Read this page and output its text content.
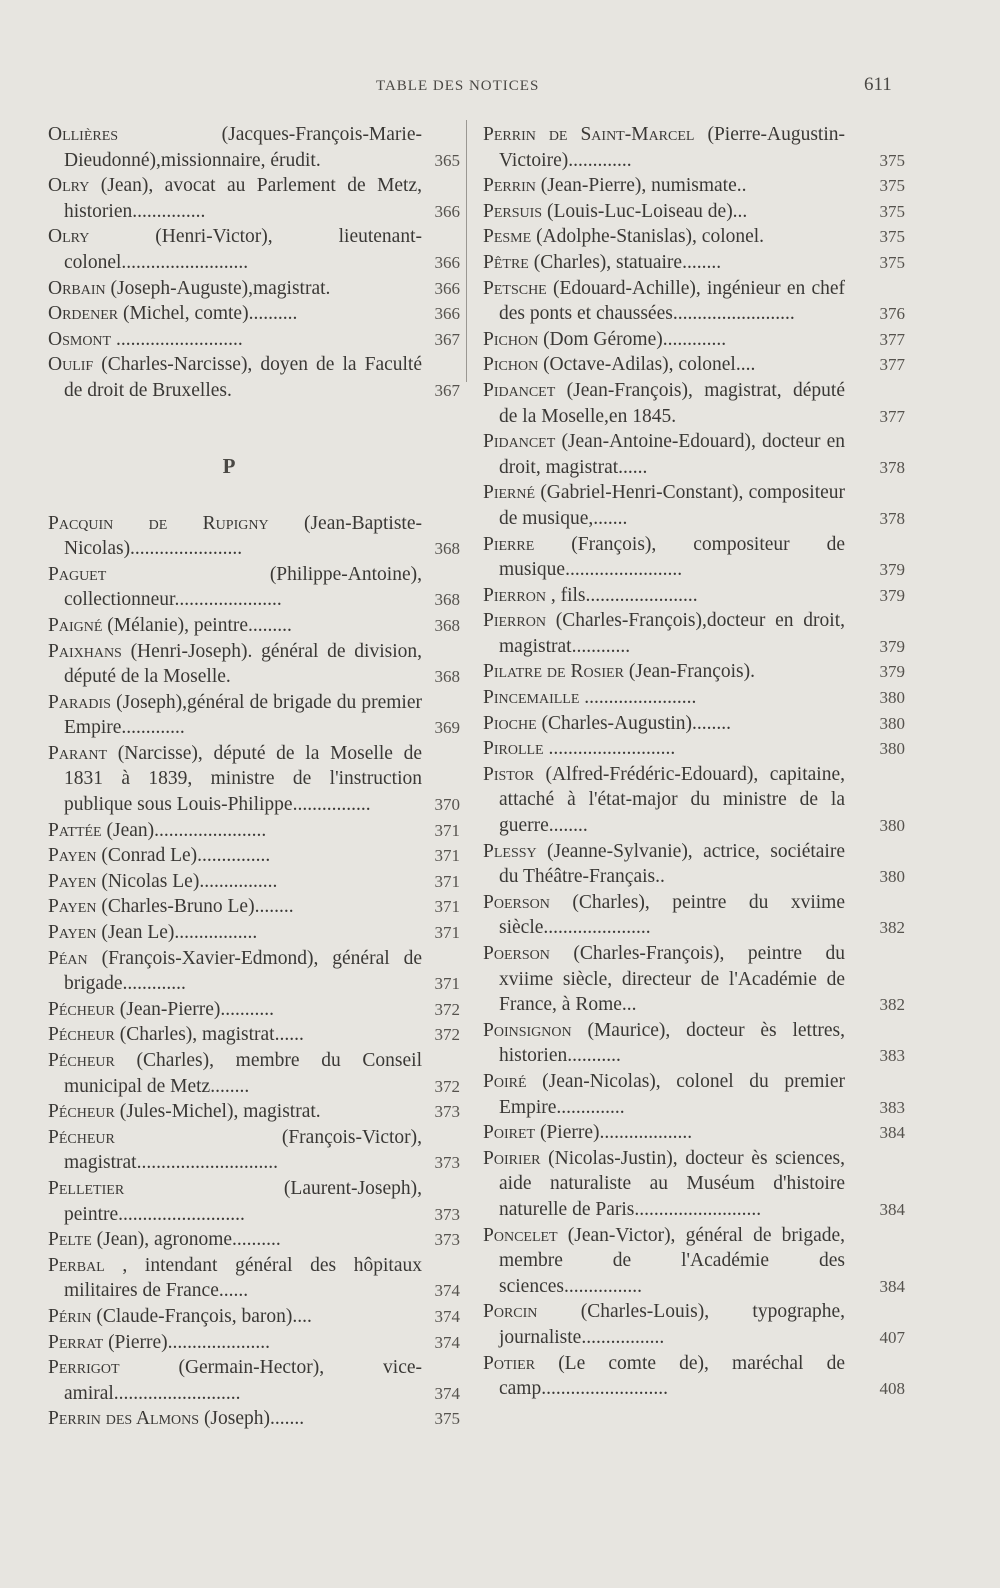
TABLE DES NOTICES	611
Ollières	(Jacques-François-Marie-Dieudonné),missionnaire, érudit.	365
Olry (Jean), avocat au Parlement de Metz, historien...............	366
Olry	(Henri-Victor), lieutenant-colonel..........................	366
Orbain (Joseph-Auguste),magistrat.	366
Ordener (Michel, comte)..........	366
Osmont ..........................	367
Oulif (Charles-Narcisse), doyen de la Faculté de droit de Bruxelles.	367
P
Pacquin de Rupigny (Jean-Baptiste-Nicolas).......................	368
Paguet	(Philippe-Antoine), collectionneur......................	368
Paigné (Mélanie), peintre.........	368
Paixhans (Henri-Joseph). général de division, député de la Moselle.	368
Paradis (Joseph),général de brigade du premier Empire.............	369
Parant (Narcisse), député de la Moselle de 1831 à 1839, ministre de l'instruction publique sous Louis-Philippe................	370
Pattée (Jean).......................	371
Payen (Conrad Le)...............	371
Payen (Nicolas Le)................	371
Payen (Charles-Bruno Le)........	371
Payen (Jean Le).................	371
Péan (François-Xavier-Edmond), général de brigade.............	371
Pécheur (Jean-Pierre)...........	372
Pécheur (Charles), magistrat......	372
Pécheur (Charles), membre du Conseil municipal de Metz........	372
Pécheur (Jules-Michel), magistrat.	373
Pécheur	(François-Victor), magistrat.............................	373
Pelletier	(Laurent-Joseph), peintre..........................	373
Pelte (Jean), agronome..........	373
Perbal , intendant général des hôpitaux militaires de France......	374
Périn (Claude-François, baron)....	374
Perrat (Pierre).....................	374
Perrigot	(Germain-Hector), vice-amiral..........................	374
Perrin des Almons (Joseph).......	375
Perrin de Saint-Marcel (Pierre-Augustin-Victoire).............	375
Perrin (Jean-Pierre), numismate..	375
Persuis (Louis-Luc-Loiseau de)...	375
Pesme (Adolphe-Stanislas), colonel.	375
Pêtre (Charles), statuaire........	375
Petsche (Edouard-Achille), ingénieur en chef des ponts et chaussées.........................	376
Pichon (Dom Gérome).............	377
Pichon (Octave-Adilas), colonel....	377
Pidancet (Jean-François), magistrat, député de la Moselle,en 1845.	377
Pidancet (Jean-Antoine-Edouard), docteur en droit, magistrat......	378
Pierné (Gabriel-Henri-Constant), compositeur de musique,.......	378
Pierre (François), compositeur de musique........................	379
Pierron , fils.......................	379
Pierron (Charles-François),docteur en droit, magistrat............	379
Pilatre de Rosier (Jean-François).	379
Pincemaille .......................	380
Pioche (Charles-Augustin)........	380
Pirolle ..........................	380
Pistor (Alfred-Frédéric-Edouard), capitaine, attaché à l'état-major du ministre de la guerre........	380
Plessy (Jeanne-Sylvanie), actrice, sociétaire du Théâtre-Français..	380
Poerson (Charles), peintre du xviime siècle......................	382
Poerson (Charles-François), peintre du xviime siècle, directeur de l'Académie de France, à Rome...	382
Poinsignon (Maurice), docteur ès lettres, historien...........	383
Poiré (Jean-Nicolas), colonel du premier Empire..............	383
Poiret (Pierre)...................	384
Poirier (Nicolas-Justin), docteur ès sciences, aide naturaliste au Muséum d'histoire naturelle de Paris..........................	384
Poncelet (Jean-Victor), général de brigade, membre de l'Académie des sciences................	384
Porcin (Charles-Louis), typographe, journaliste.................	407
Potier (Le comte de), maréchal de camp..........................	408
